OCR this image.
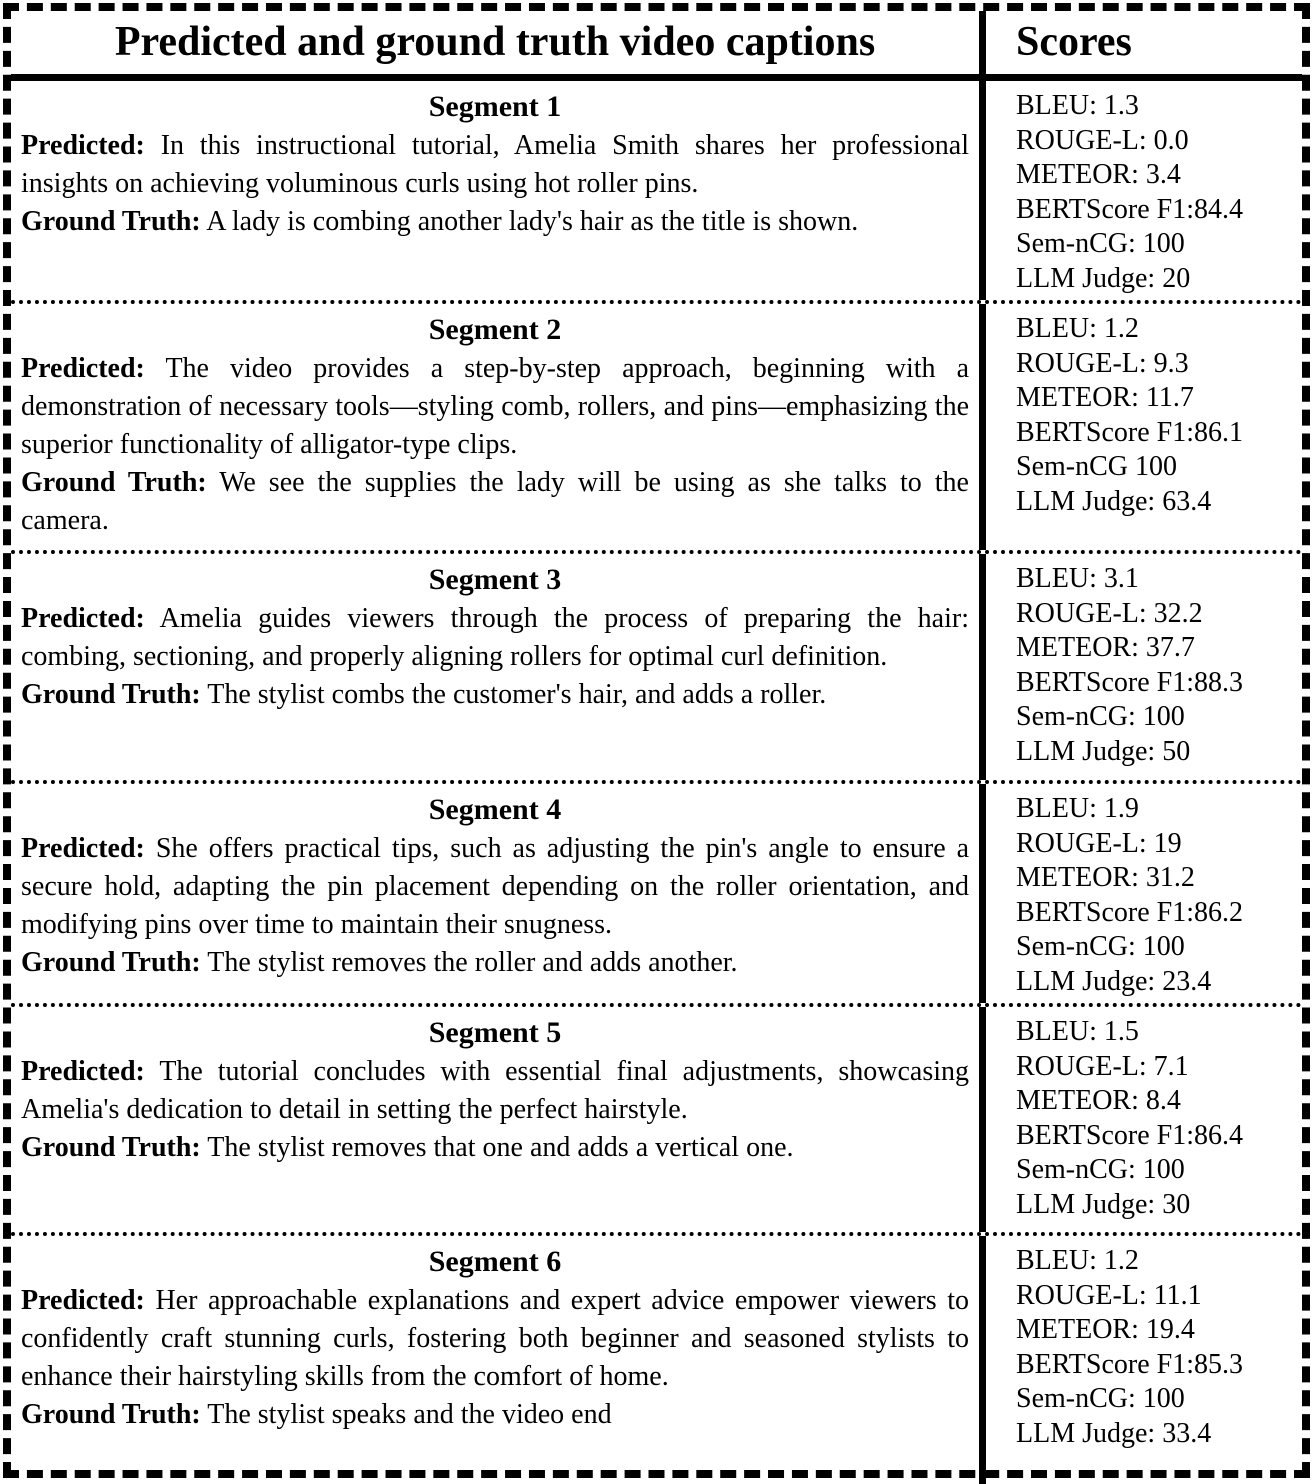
Predicted and ground truth video captions	Scores
Segment 1

Predicted: In this instructional tutorial, Amelia Smith shares her professional insights on achieving voluminous curls using hot roller pins.

Ground Truth: A lady is combing another lady's hair as the title is shown.

BLEU: 1.3
ROUGE-L: 0.0
METEOR: 3.4
BERTScore F1:84.4
Sem-nCG: 100
LLM Judge: 20
Segment 2

Predicted: The video provides a step-by-step approach, beginning with a demonstration of necessary tools—styling comb, rollers, and pins—emphasizing the superior functionality of alligator-type clips.

Ground Truth: We see the supplies the lady will be using as she talks to the camera.

BLEU: 1.2
ROUGE-L: 9.3
METEOR: 11.7
BERTScore F1:86.1
Sem-nCG 100
LLM Judge: 63.4
Segment 3

Predicted: Amelia guides viewers through the process of preparing the hair: combing, sectioning, and properly aligning rollers for optimal curl definition.

Ground Truth: The stylist combs the customer's hair, and adds a roller.

BLEU: 3.1
ROUGE-L: 32.2
METEOR: 37.7
BERTScore F1:88.3
Sem-nCG: 100
LLM Judge: 50
Segment 4

Predicted: She offers practical tips, such as adjusting the pin's angle to ensure a secure hold, adapting the pin placement depending on the roller orientation, and modifying pins over time to maintain their snugness.

Ground Truth: The stylist removes the roller and adds another.

BLEU: 1.9
ROUGE-L: 19
METEOR: 31.2
BERTScore F1:86.2
Sem-nCG: 100
LLM Judge: 23.4
Segment 5

Predicted: The tutorial concludes with essential final adjustments, showcasing Amelia's dedication to detail in setting the perfect hairstyle.

Ground Truth: The stylist removes that one and adds a vertical one.

BLEU: 1.5
ROUGE-L: 7.1
METEOR: 8.4
BERTScore F1:86.4
Sem-nCG: 100
LLM Judge: 30
Segment 6

Predicted: Her approachable explanations and expert advice empower viewers to confidently craft stunning curls, fostering both beginner and seasoned stylists to enhance their hairstyling skills from the comfort of home.

Ground Truth: The stylist speaks and the video end

BLEU: 1.2
ROUGE-L: 11.1
METEOR: 19.4
BERTScore F1:85.3
Sem-nCG: 100
LLM Judge: 33.4
